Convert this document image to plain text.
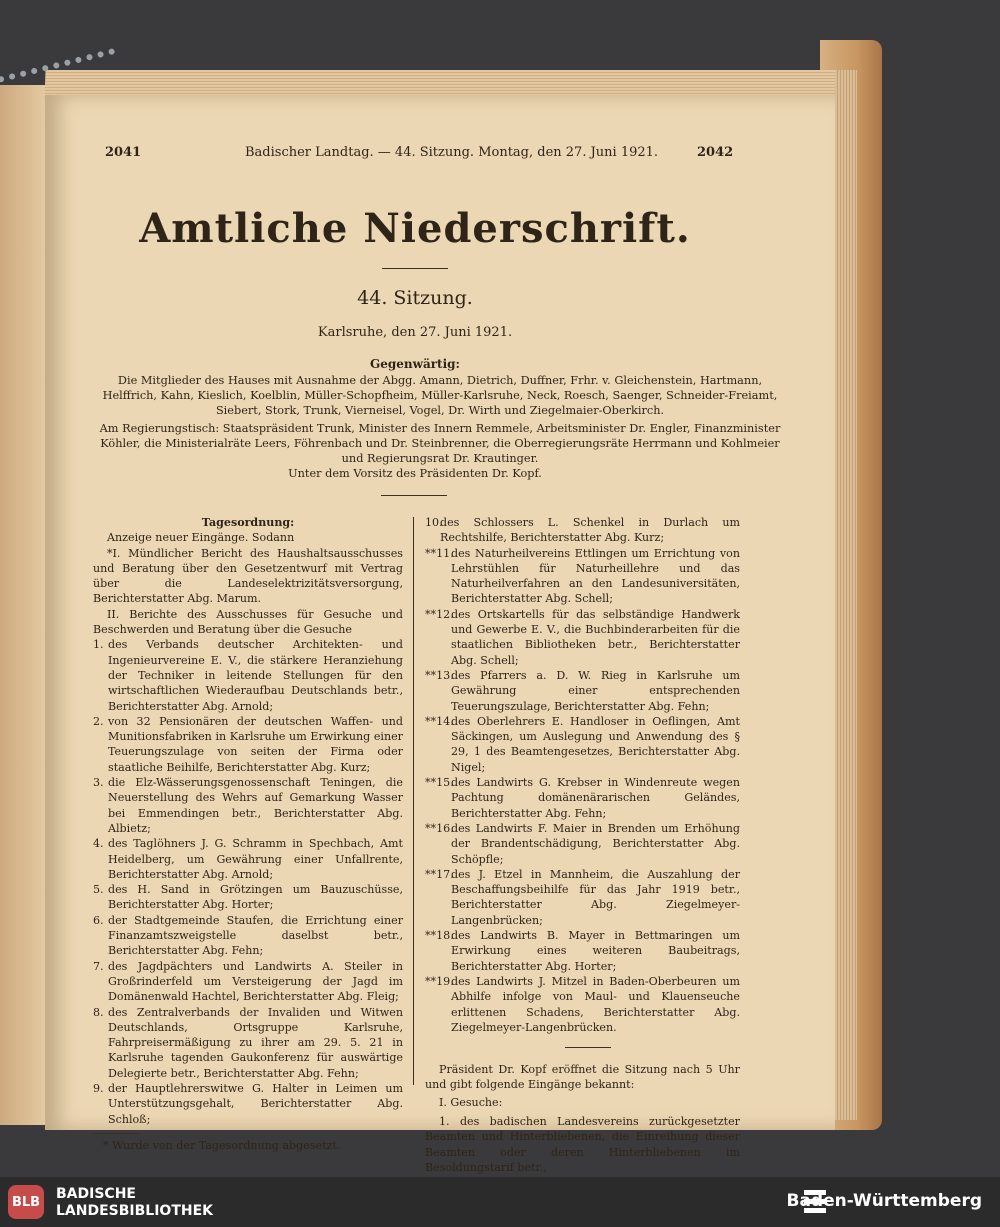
2041	Badischer Landtag. — 44. Sitzung. Montag, den 27. Juni 1921.	2042
Amtliche Niederschrift.
44. Sitzung.
Karlsruhe, den 27. Juni 1921.
Gegenwärtig:
Die Mitglieder des Hauses mit Ausnahme der Abgg. Amann, Dietrich, Duffner, Frhr. v. Gleichenstein, Hartmann, Helffrich, Kahn, Kieslich, Koelblin, Müller-Schopfheim, Müller-Karlsruhe, Neck, Roesch, Saenger, Schneider-Freiamt, Siebert, Stork, Trunk, Vierneisel, Vogel, Dr. Wirth und Ziegelmaier-Oberkirch.
Am Regierungstisch: Staatspräsident Trunk, Minister des Innern Remmele, Arbeitsminister Dr. Engler, Finanzminister Köhler, die Ministerialräte Leers, Föhrenbach und Dr. Steinbrenner, die Oberregierungsräte Herrmann und Kohlmeier und Regierungsrat Dr. Krautinger.
Unter dem Vorsitz des Präsidenten Dr. Kopf.

Tagesordnung:

Anzeige neuer Eingänge. Sodann

*I. Mündlicher Bericht des Haushaltsausschusses und Beratung über den Gesetzentwurf mit Vertrag über die Landeselektrizitätsversorgung, Berichterstatter Abg. Marum.

II. Berichte des Ausschusses für Gesuche und Beschwerden und Beratung über die Gesuche

1. des Verbands deutscher Architekten- und Ingenieurvereine E. V., die stärkere Heranziehung der Techniker in leitende Stellungen für den wirtschaftlichen Wiederaufbau Deutschlands betr., Berichterstatter Abg. Arnold;
2. von 32 Pensionären der deutschen Waffen- und Munitionsfabriken in Karlsruhe um Erwirkung einer Teuerungszulage von seiten der Firma oder staatliche Beihilfe, Berichterstatter Abg. Kurz;
3. die Elz-Wässerungsgenossenschaft Teningen, die Neuerstellung des Wehrs auf Gemarkung Wasser bei Emmendingen betr., Berichterstatter Abg. Albietz;
4. des Taglöhners J. G. Schramm in Spechbach, Amt Heidelberg, um Gewährung einer Unfallrente, Berichterstatter Abg. Arnold;
5. des H. Sand in Grötzingen um Bauzuschüsse, Berichterstatter Abg. Horter;
6. der Stadtgemeinde Staufen, die Errichtung einer Finanzamtszweigstelle daselbst betr., Berichterstatter Abg. Fehn;
7. des Jagdpächters und Landwirts A. Steiler in Großrinderfeld um Versteigerung der Jagd im Domänenwald Hachtel, Berichterstatter Abg. Fleig;
8. des Zentralverbands der Invaliden und Witwen Deutschlands, Ortsgruppe Karlsruhe, Fahrpreisermäßigung zu ihrer am 29. 5. 21 in Karlsruhe tagenden Gaukonferenz für auswärtige Delegierte betr., Berichterstatter Abg. Fehn;
9. der Hauptlehrerswitwe G. Halter in Leimen um Unterstützungsgehalt, Berichterstatter Abg. Schloß;

* Wurde von der Tagesordnung abgesetzt.

10.
des Schlossers L. Schenkel in Durlach um Rechtshilfe, Berichterstatter Abg. Kurz;
**11.
des Naturheilvereins Ettlingen um Errichtung von Lehrstühlen für Naturheillehre und das Naturheilverfahren an den Landesuniversitäten, Berichterstatter Abg. Schell;
**12.
des Ortskartells für das selbständige Handwerk und Gewerbe E. V., die Buchbinderarbeiten für die staatlichen Bibliotheken betr., Berichterstatter Abg. Schell;
**13.
des Pfarrers a. D. W. Rieg in Karlsruhe um Gewährung einer entsprechenden Teuerungszulage, Berichterstatter Abg. Fehn;
**14.
des Oberlehrers E. Handloser in Oeflingen, Amt Säckingen, um Auslegung und Anwendung des § 29, 1 des Beamtengesetzes, Berichterstatter Abg. Nigel;
**15.
des Landwirts G. Krebser in Windenreute wegen Pachtung domänenärarischen Geländes, Berichterstatter Abg. Fehn;
**16.
des Landwirts F. Maier in Brenden um Erhöhung der Brandentschädigung, Berichterstatter Abg. Schöpfle;
**17.
des J. Etzel in Mannheim, die Auszahlung der Beschaffungsbeihilfe für das Jahr 1919 betr., Berichterstatter Abg. Ziegelmeyer-Langenbrücken;
**18.
des Landwirts B. Mayer in Bettmaringen um Erwirkung eines weiteren Baubeitrags, Berichterstatter Abg. Horter;
**19.
des Landwirts J. Mitzel in Baden-Oberbeuren um Abhilfe infolge von Maul- und Klauenseuche erlittenen Schadens, Berichterstatter Abg. Ziegelmeyer-Langenbrücken.

Präsident Dr. Kopf eröffnet die Sitzung nach 5 Uhr und gibt folgende Eingänge bekannt:

I. Gesuche:

1. des badischen Landesvereins zurückgesetzter Beamten und Hinterbliebenen, die Einreihung dieser Beamten oder deren Hinterbliebenen im Besoldungstarif betr.,

BLB BADISCHE
LANDESBIBLIOTHEK	Baden-Württemberg
